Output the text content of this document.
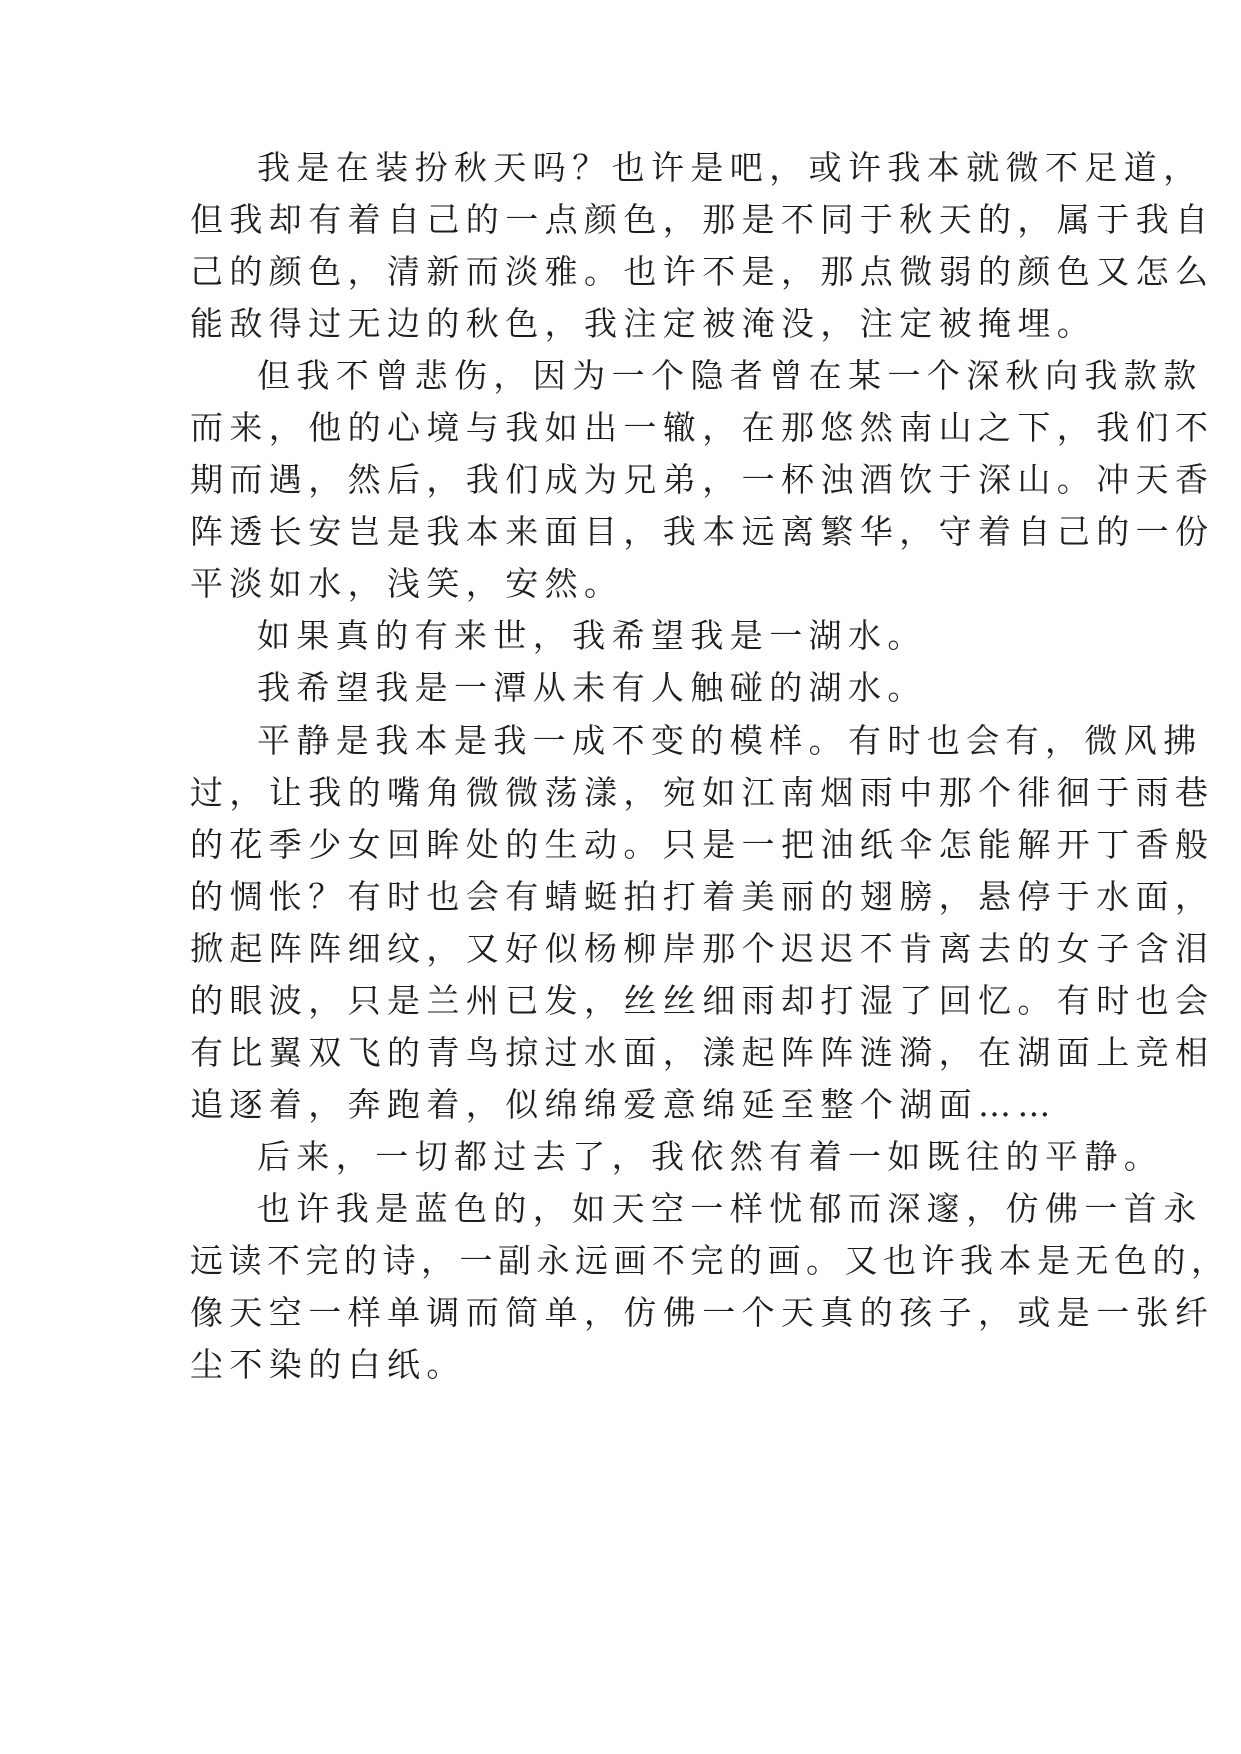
我是在装扮秋天吗？也许是吧，或许我本就微不足道，

但我却有着自己的一点颜色，那是不同于秋天的，属于我自

己的颜色，清新而淡雅。也许不是，那点微弱的颜色又怎么

能敌得过无边的秋色，我注定被淹没，注定被掩埋。

但我不曾悲伤，因为一个隐者曾在某一个深秋向我款款

而来，他的心境与我如出一辙，在那悠然南山之下，我们不

期而遇，然后，我们成为兄弟，一杯浊酒饮于深山。冲天香

阵透长安岂是我本来面目，我本远离繁华，守着自己的一份

平淡如水，浅笑，安然。

如果真的有来世，我希望我是一湖水。

我希望我是一潭从未有人触碰的湖水。

平静是我本是我一成不变的模样。有时也会有，微风拂

过，让我的嘴角微微荡漾，宛如江南烟雨中那个徘徊于雨巷

的花季少女回眸处的生动。只是一把油纸伞怎能解开丁香般

的惆怅？有时也会有蜻蜓拍打着美丽的翅膀，悬停于水面，

掀起阵阵细纹，又好似杨柳岸那个迟迟不肯离去的女子含泪

的眼波，只是兰州已发，丝丝细雨却打湿了回忆。有时也会

有比翼双飞的青鸟掠过水面，漾起阵阵涟漪，在湖面上竞相

追逐着，奔跑着，似绵绵爱意绵延至整个湖面……

后来，一切都过去了，我依然有着一如既往的平静。

也许我是蓝色的，如天空一样忧郁而深邃，仿佛一首永

远读不完的诗，一副永远画不完的画。又也许我本是无色的，

像天空一样单调而简单，仿佛一个天真的孩子，或是一张纤

尘不染的白纸。
